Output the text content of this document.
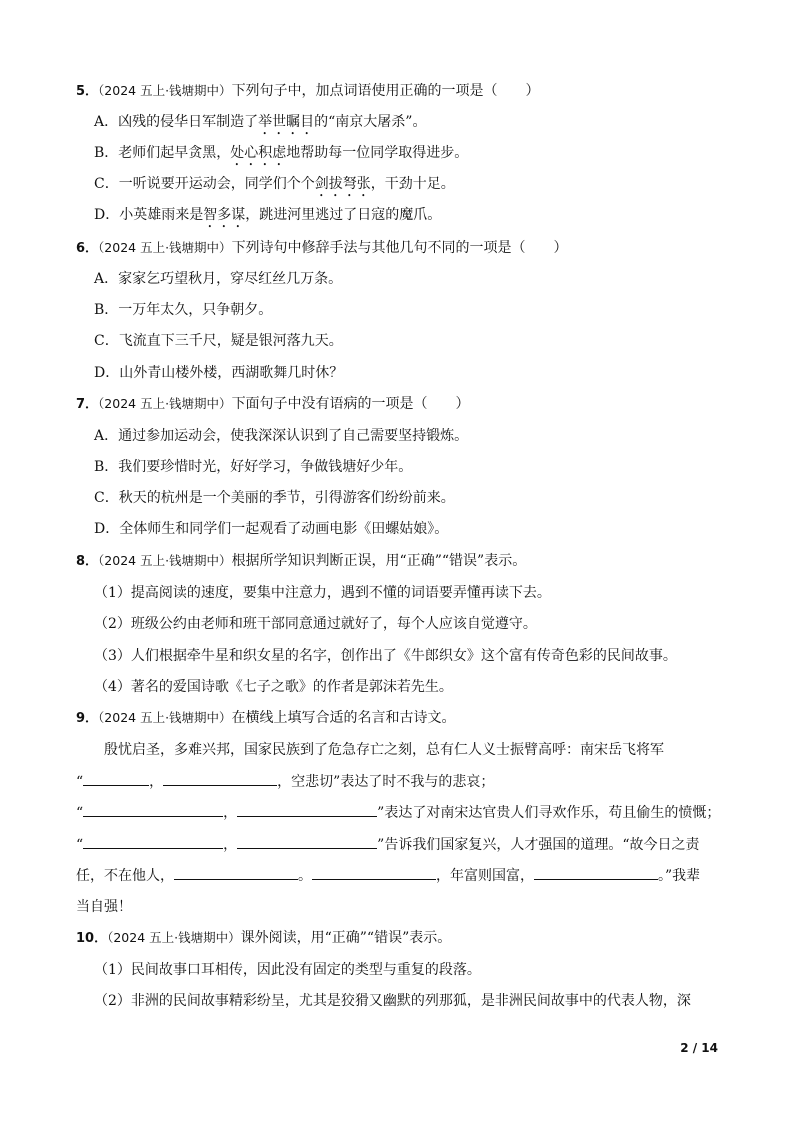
5．（2024 五上·钱塘期中）下列句子中，加点词语使用正确的一项是（　　）
A．凶残的侵华日军制造了举世瞩目的“南京大屠杀”。
B．老师们起早贪黑，处心积虑地帮助每一位同学取得进步。
C．一听说要开运动会，同学们个个剑拔弩张，干劲十足。
D．小英雄雨来是智多谋，跳进河里逃过了日寇的魔爪。
6．（2024 五上·钱塘期中）下列诗句中修辞手法与其他几句不同的一项是（　　）
A．家家乞巧望秋月，穿尽红丝几万条。
B．一万年太久，只争朝夕。
C．飞流直下三千尺，疑是银河落九天。
D．山外青山楼外楼，西湖歌舞几时休？
7．（2024 五上·钱塘期中）下面句子中没有语病的一项是（　　）
A．通过参加运动会，使我深深认识到了自己需要坚持锻炼。
B．我们要珍惜时光，好好学习，争做钱塘好少年。
C．秋天的杭州是一个美丽的季节，引得游客们纷纷前来。
D．全体师生和同学们一起观看了动画电影《田螺姑娘》。
8．（2024 五上·钱塘期中）根据所学知识判断正误，用“正确”“错误”表示。
（1）提高阅读的速度，要集中注意力，遇到不懂的词语要弄懂再读下去。
（2）班级公约由老师和班干部同意通过就好了，每个人应该自觉遵守。
（3）人们根据牵牛星和织女星的名字，创作出了《牛郎织女》这个富有传奇色彩的民间故事。
（4）著名的爱国诗歌《七子之歌》的作者是郭沫若先生。
9．（2024 五上·钱塘期中）在横线上填写合适的名言和古诗文。
殷忧启圣，多难兴邦，国家民族到了危急存亡之刻，总有仁人义士振臂高呼：南宋岳飞将军
“	，	，空悲切”表达了时不我与的悲哀；
“	，	”表达了对南宋达官贵人们寻欢作乐，苟且偷生的愤慨；
“	，	”告诉我们国家复兴，人才强国的道理。“故今日之责
任，不在他人，	。	，年富则国富，	。”我辈
当自强！
10．（2024 五上·钱塘期中）课外阅读，用“正确”“错误”表示。
（1）民间故事口耳相传，因此没有固定的类型与重复的段落。
（2）非洲的民间故事精彩纷呈，尤其是狡猾又幽默的列那狐，是非洲民间故事中的代表人物，深
2 / 14
